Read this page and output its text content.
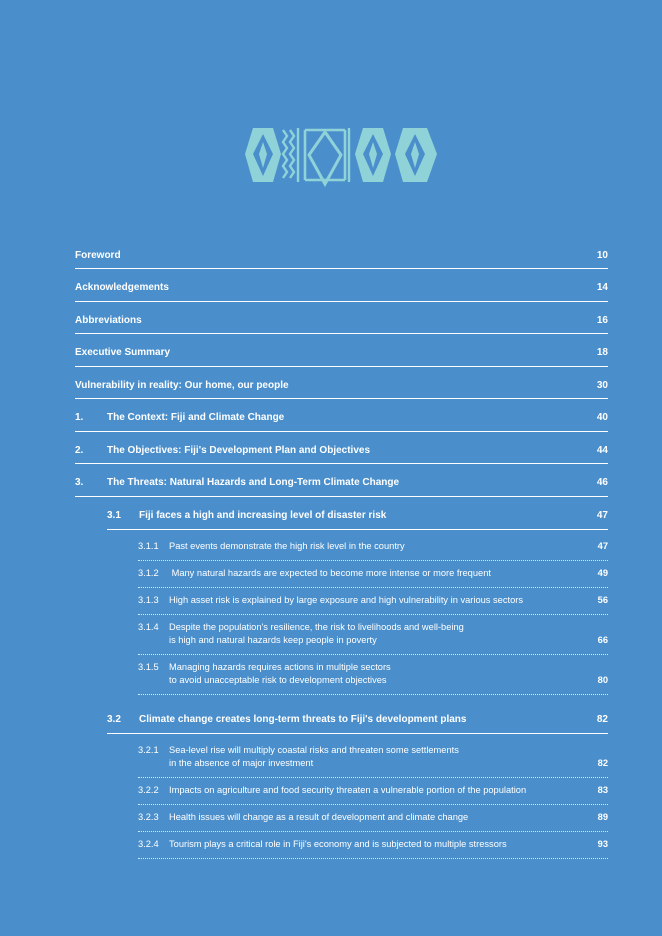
Foreword	10
Acknowledgements	14
Abbreviations	16
Executive Summary	18
Vulnerability in reality: Our home, our people	30
1.	The Context: Fiji and Climate Change	40
2.	The Objectives: Fiji's Development Plan and Objectives	44
3.	The Threats: Natural Hazards and Long-Term Climate Change	46
3.1	Fiji faces a high and increasing level of disaster risk	47
3.1.1	Past events demonstrate the high risk level in the country	47
3.1.2	Many natural hazards are expected to become more intense or more frequent	49
3.1.3	High asset risk is explained by large exposure and high vulnerability in various sectors	56
3.1.4	Despite the population's resilience, the risk to livelihoods and well-being
is high and natural hazards keep people in poverty	66
3.1.5	Managing hazards requires actions in multiple sectors
to avoid unacceptable risk to development objectives	80
3.2	Climate change creates long-term threats to Fiji's development plans	82
3.2.1	Sea-level rise will multiply coastal risks and threaten some settlements
in the absence of major investment	82
3.2.2	Impacts on agriculture and food security threaten a vulnerable portion of the population	83
3.2.3	Health issues will change as a result of development and climate change	89
3.2.4	Tourism plays a critical role in Fiji's economy and is subjected to multiple stressors	93
